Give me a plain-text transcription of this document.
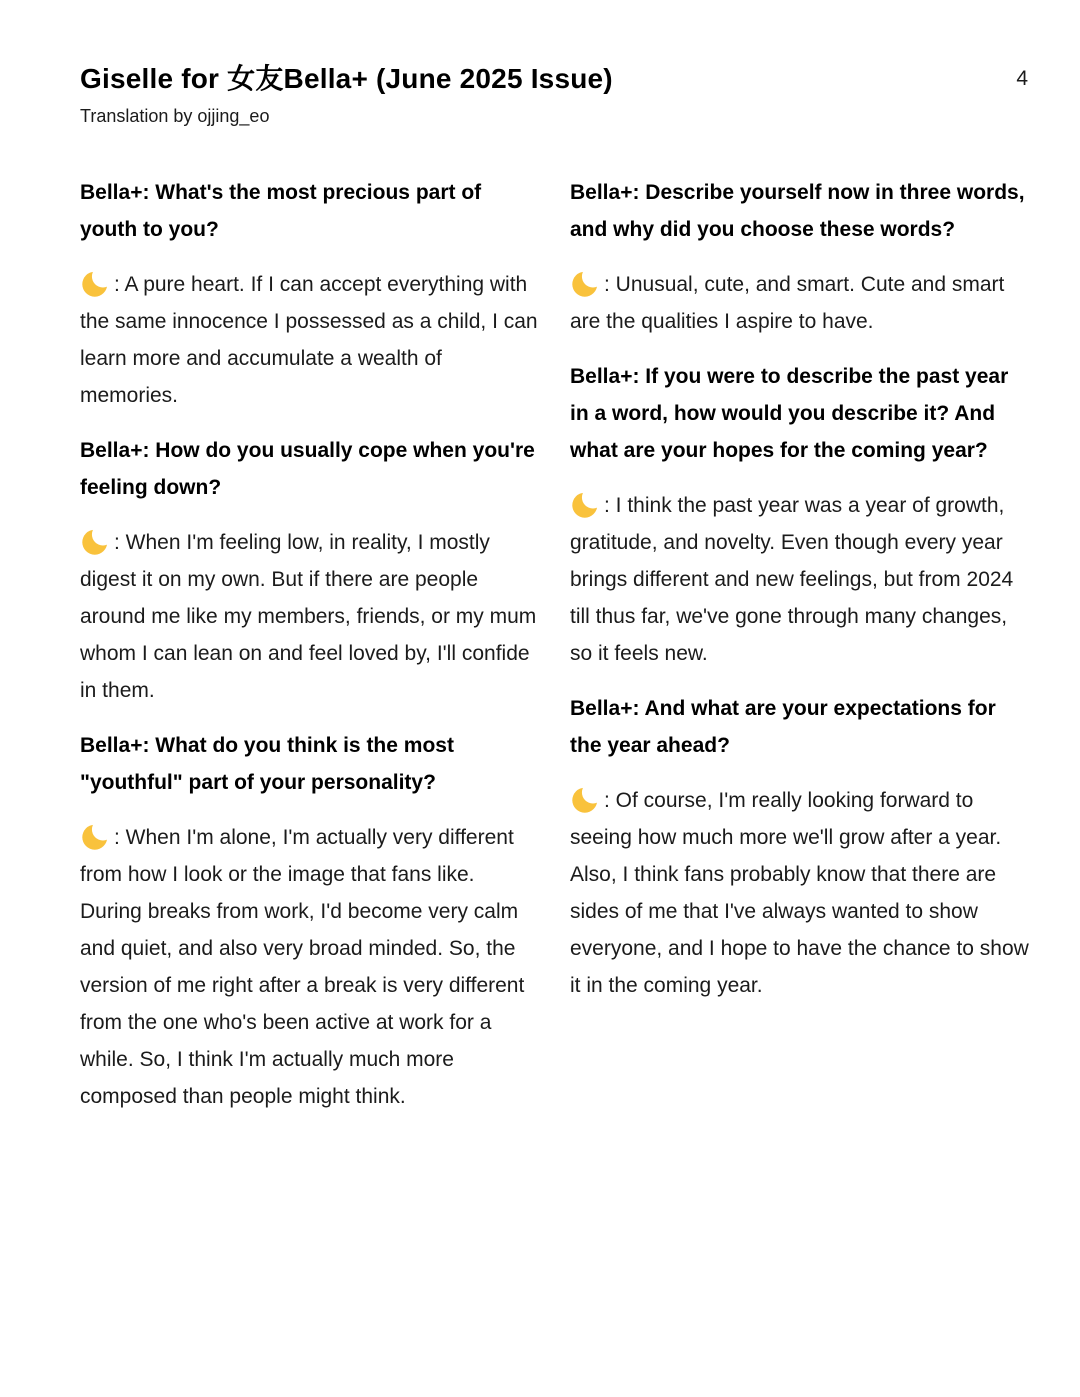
Giselle for 女友Bella+ (June 2025 Issue)

Translation by ojjing_eo

4
Bella+: What's the most precious part of youth to you?

: A pure heart. If I can accept everything with the same innocence I possessed as a child, I can learn more and accumulate a wealth of memories.

Bella+: How do you usually cope when you're feeling down?

: When I'm feeling low, in reality, I mostly digest it on my own. But if there are people around me like my members, friends, or my mum whom I can lean on and feel loved by, I'll confide in them.

Bella+: What do you think is the most "youthful" part of your personality?

: When I'm alone, I'm actually very different from how I look or the image that fans like. During breaks from work, I'd become very calm and quiet, and also very broad minded. So, the version of me right after a break is very different from the one who's been active at work for a while. So, I think I'm actually much more composed than people might think.

Bella+: Describe yourself now in three words, and why did you choose these words?

: Unusual, cute, and smart. Cute and smart are the qualities I aspire to have.

Bella+: If you were to describe the past year in a word, how would you describe it? And what are your hopes for the coming year?

: I think the past year was a year of growth, gratitude, and novelty. Even though every year brings different and new feelings, but from 2024 till thus far, we've gone through many changes, so it feels new.

Bella+: And what are your expectations for the year ahead?

: Of course, I'm really looking forward to seeing how much more we'll grow after a year. Also, I think fans probably know that there are sides of me that I've always wanted to show everyone, and I hope to have the chance to show it in the coming year.
